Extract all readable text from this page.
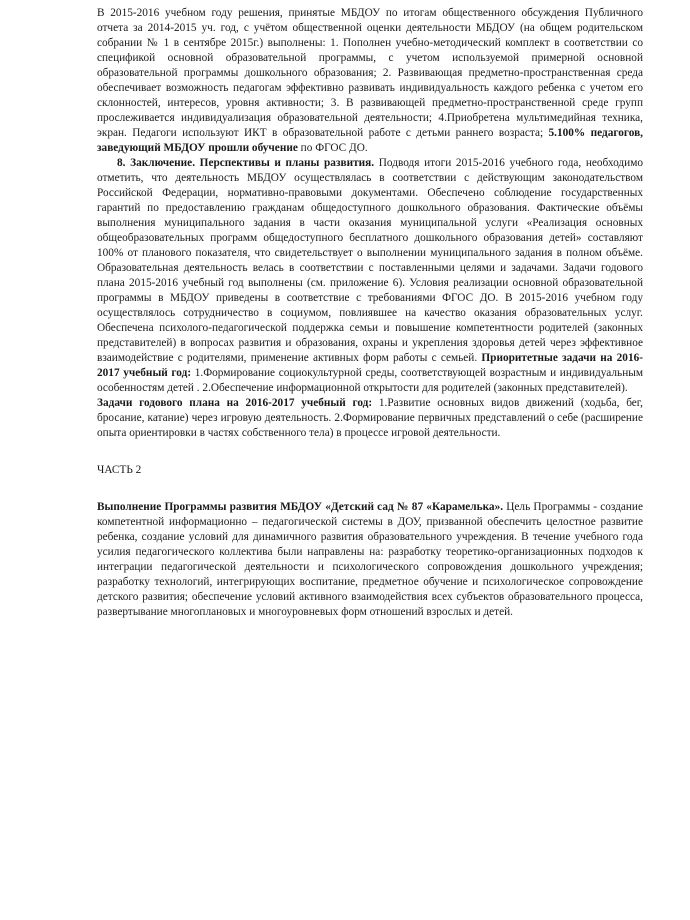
В 2015-2016 учебном году решения, принятые МБДОУ по итогам общественного обсуждения Публичного отчета за 2014-2015 уч. год, с учётом общественной оценки деятельности МБДОУ (на общем родительском собрании № 1 в сентябре 2015г.) выполнены: 1. Пополнен учебно-методический комплект в соответствии со спецификой основной образовательной программы, с учетом используемой примерной основной образовательной программы дошкольного образования; 2. Развивающая предметно-пространственная среда обеспечивает возможность педагогам эффективно развивать индивидуальность каждого ребенка с учетом его склонностей, интересов, уровня активности; 3. В развивающей предметно-пространственной среде групп прослеживается индивидуализация образовательной деятельности; 4.Приобретена мультимедийная техника, экран. Педагоги используют ИКТ в образовательной работе с детьми раннего возраста; 5.100% педагогов, заведующий МБДОУ прошли обучение по ФГОС ДО.

8. Заключение. Перспективы и планы развития. Подводя итоги 2015-2016 учебного года, необходимо отметить, что деятельность МБДОУ осуществлялась в соответствии с действующим законодательством Российской Федерации, нормативно-правовыми документами. Обеспечено соблюдение государственных гарантий по предоставлению гражданам общедоступного дошкольного образования. Фактические объёмы выполнения муниципального задания в части оказания муниципальной услуги «Реализация основных общеобразовательных программ общедоступного бесплатного дошкольного образования детей» составляют 100% от планового показателя, что свидетельствует о выполнении муниципального задания в полном объёме. Образовательная деятельность велась в соответствии с поставленными целями и задачами. Задачи годового плана 2015-2016 учебный год выполнены (см. приложение 6). Условия реализации основной образовательной программы в МБДОУ приведены в соответствие с требованиями ФГОС ДО. В 2015-2016 учебном году осуществлялось сотрудничество в социумом, повлиявшее на качество оказания образовательных услуг. Обеспечена психолого-педагогической поддержка семьи и повышение компетентности родителей (законных представителей) в вопросах развития и образования, охраны и укрепления здоровья детей через эффективное взаимодействие с родителями, применение активных форм работы с семьей. Приоритетные задачи на 2016-2017 учебный год: 1.Формирование социокультурной среды, соответствующей возрастным и индивидуальным особенностям детей . 2.Обеспечение информационной открытости для родителей (законных представителей).

Задачи годового плана на 2016-2017 учебный год: 1.Развитие основных видов движений (ходьба, бег, бросание, катание) через игровую деятельность. 2.Формирование первичных представлений о себе (расширение опыта ориентировки в частях собственного тела) в процессе игровой деятельности.

ЧАСТЬ 2

Выполнение Программы развития МБДОУ «Детский сад № 87 «Карамелька». Цель Программы - создание компетентной информационно – педагогической системы в ДОУ, призванной обеспечить целостное развитие ребенка, создание условий для динамичного развития образовательного учреждения. В течение учебного года усилия педагогического коллектива были направлены на: разработку теоретико-организационных подходов к интеграции педагогической деятельности и психологического сопровождения дошкольного учреждения; разработку технологий, интегрирующих воспитание, предметное обучение и психологическое сопровождение детского развития; обеспечение условий активного взаимодействия всех субъектов образовательного процесса, развертывание многоплановых и многоуровневых форм отношений взрослых и детей.
